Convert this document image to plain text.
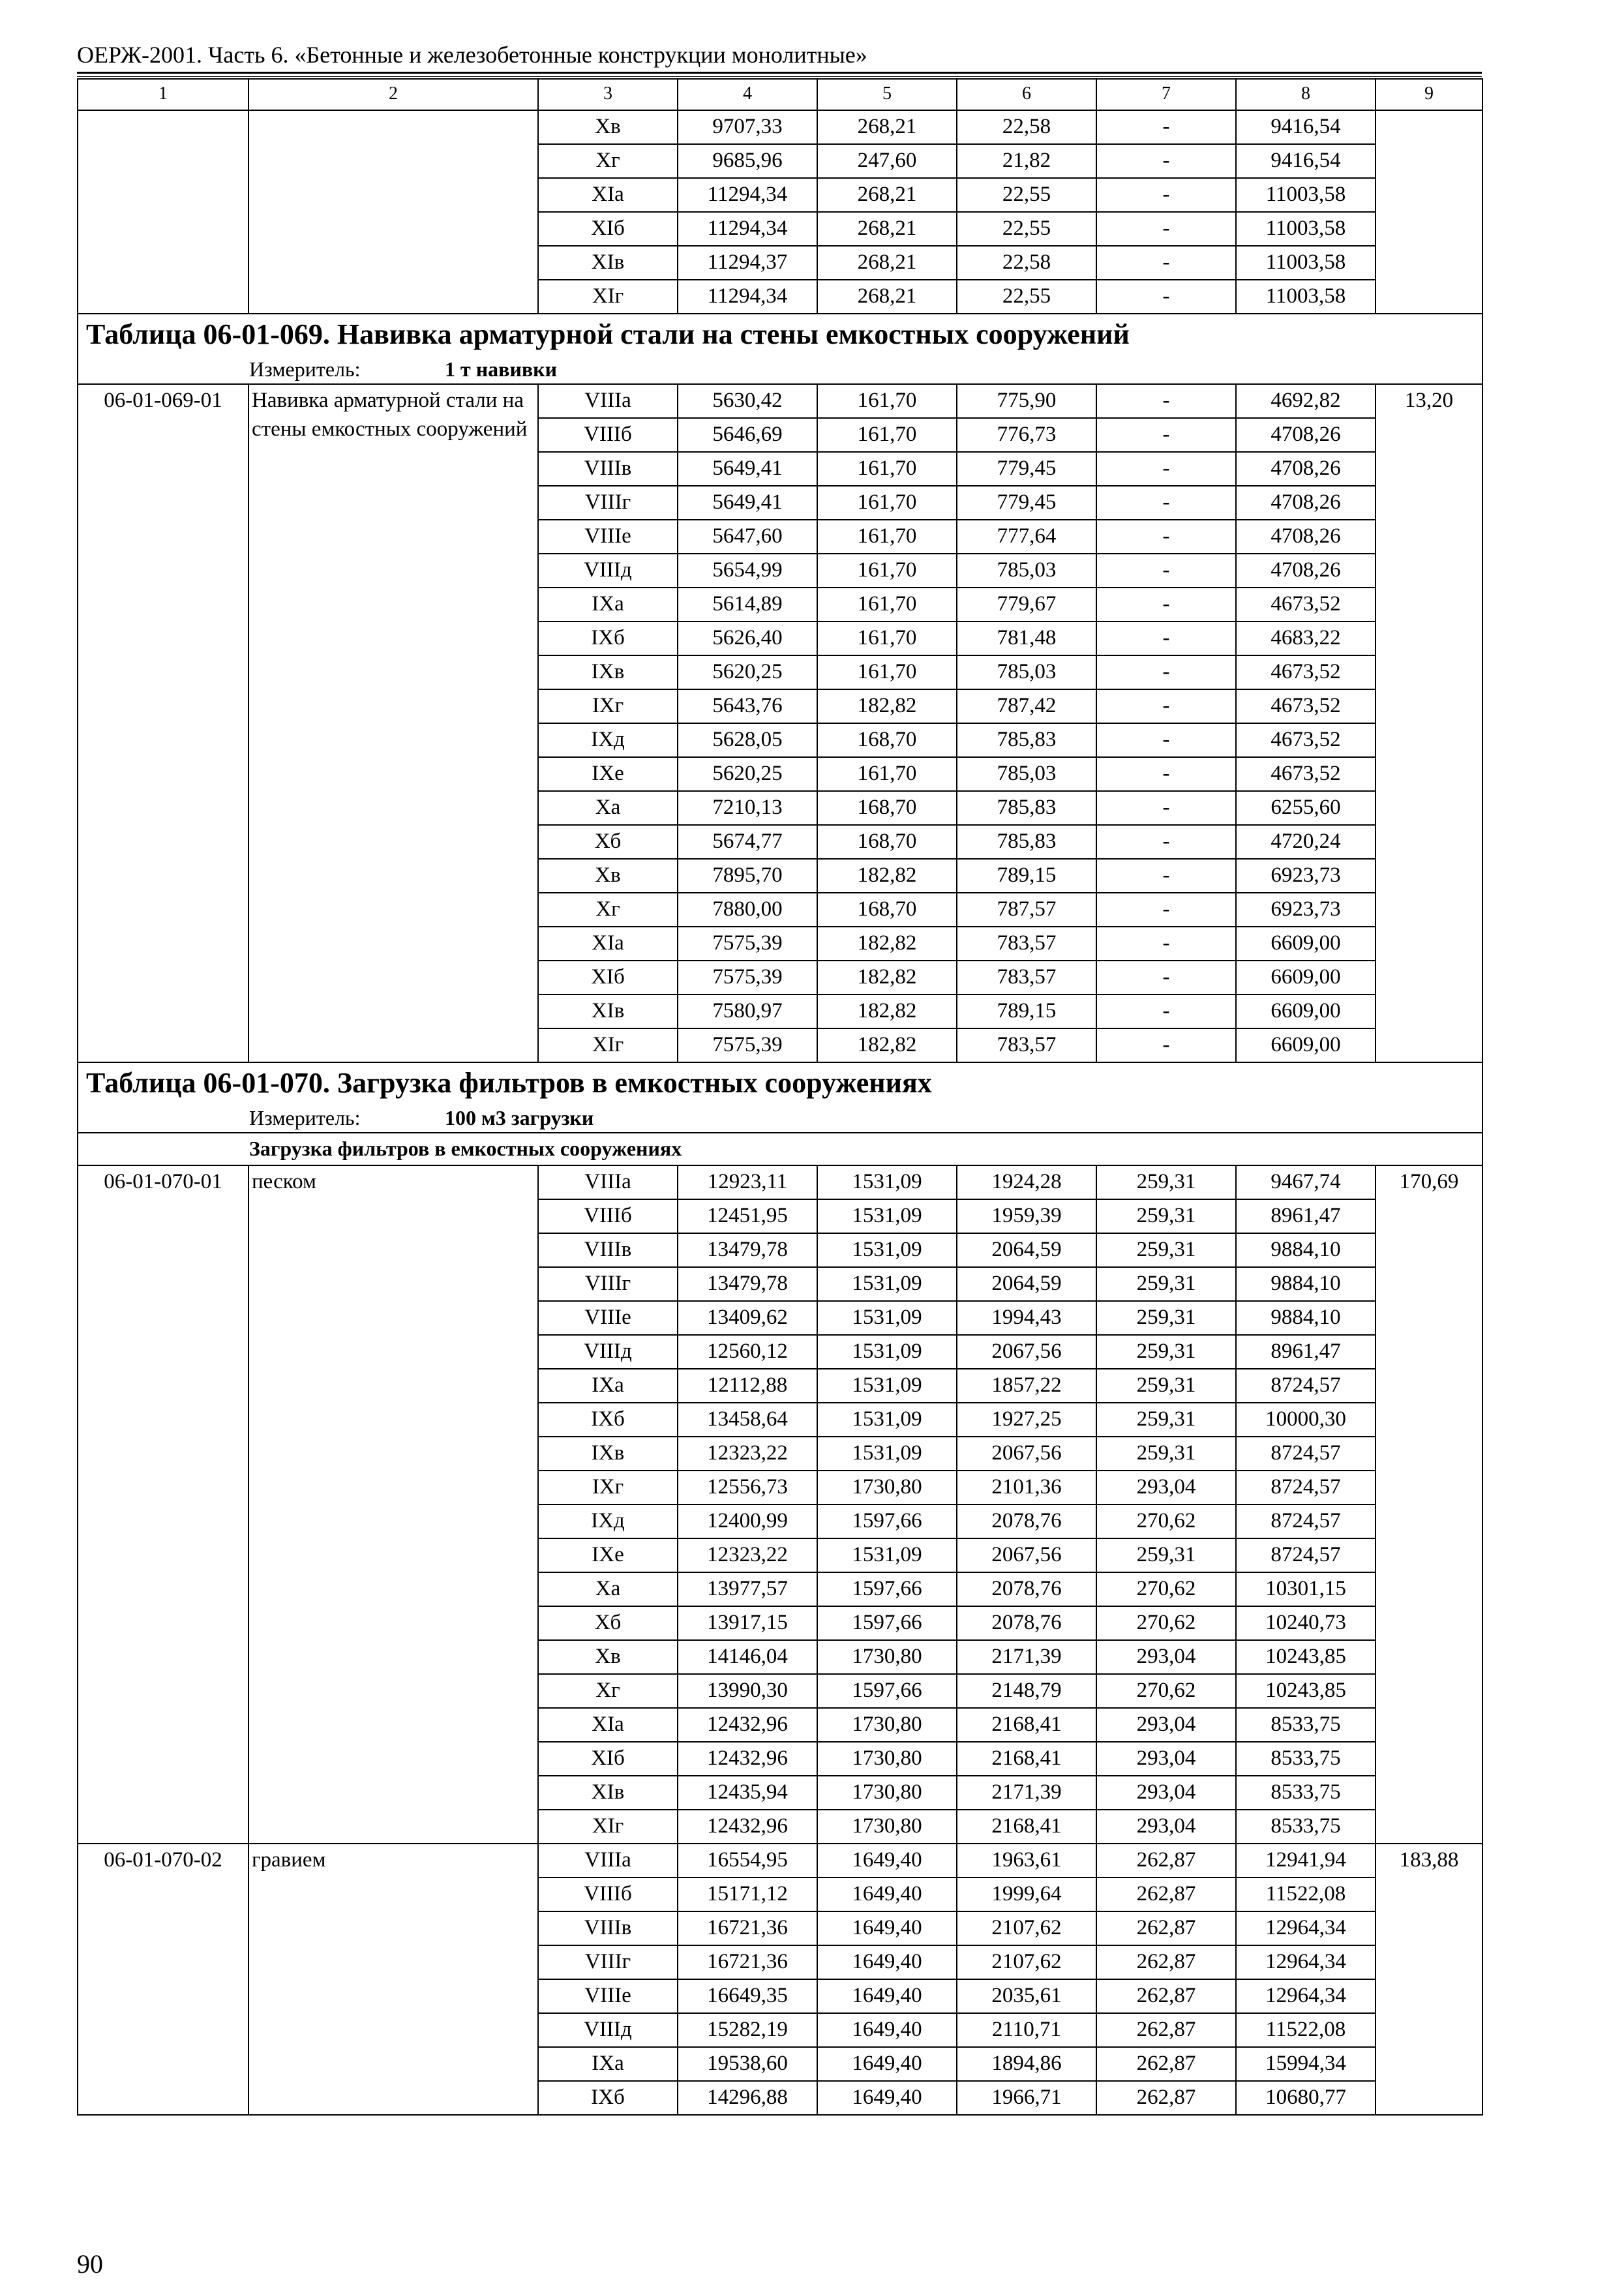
ОЕРЖ-2001. Часть 6. «Бетонные и железобетонные конструкции монолитные»
1	2	3	4	5	6	7	8	9
		Xв	9707,33	268,21	22,58	-	9416,54	
		Xг	9685,96	247,60	21,82	-	9416,54	
		XIа	11294,34	268,21	22,55	-	11003,58	
		XIб	11294,34	268,21	22,55	-	11003,58	
		XIв	11294,37	268,21	22,58	-	11003,58	
		XIг	11294,34	268,21	22,55	-	11003,58	
Таблица 06-01-069. Навивка арматурной стали на стены емкостных сооружений								
Измеритель: 1 т навивки								
06-01-069-01	Навивка арматурной стали на стены емкостных сооружений	VIIIа	5630,42	161,70	775,90	-	4692,82	13,20
		VIIIб	5646,69	161,70	776,73	-	4708,26	
		VIIIв	5649,41	161,70	779,45	-	4708,26	
		VIIIг	5649,41	161,70	779,45	-	4708,26	
		VIIIе	5647,60	161,70	777,64	-	4708,26	
		VIIIд	5654,99	161,70	785,03	-	4708,26	
		IXа	5614,89	161,70	779,67	-	4673,52	
		IXб	5626,40	161,70	781,48	-	4683,22	
		IXв	5620,25	161,70	785,03	-	4673,52	
		IXг	5643,76	182,82	787,42	-	4673,52	
		IXд	5628,05	168,70	785,83	-	4673,52	
		IXе	5620,25	161,70	785,03	-	4673,52	
		Xа	7210,13	168,70	785,83	-	6255,60	
		Xб	5674,77	168,70	785,83	-	4720,24	
		Xв	7895,70	182,82	789,15	-	6923,73	
		Xг	7880,00	168,70	787,57	-	6923,73	
		XIа	7575,39	182,82	783,57	-	6609,00	
		XIб	7575,39	182,82	783,57	-	6609,00	
		XIв	7580,97	182,82	789,15	-	6609,00	
		XIг	7575,39	182,82	783,57	-	6609,00	
Таблица 06-01-070. Загрузка фильтров в емкостных сооружениях								
Измеритель: 100 м3 загрузки								
Загрузка фильтров в емкостных сооружениях								
06-01-070-01	песком	VIIIа	12923,11	1531,09	1924,28	259,31	9467,74	170,69
		VIIIб	12451,95	1531,09	1959,39	259,31	8961,47	
		VIIIв	13479,78	1531,09	2064,59	259,31	9884,10	
		VIIIг	13479,78	1531,09	2064,59	259,31	9884,10	
		VIIIе	13409,62	1531,09	1994,43	259,31	9884,10	
		VIIIд	12560,12	1531,09	2067,56	259,31	8961,47	
		IXа	12112,88	1531,09	1857,22	259,31	8724,57	
		IXб	13458,64	1531,09	1927,25	259,31	10000,30	
		IXв	12323,22	1531,09	2067,56	259,31	8724,57	
		IXг	12556,73	1730,80	2101,36	293,04	8724,57	
		IXд	12400,99	1597,66	2078,76	270,62	8724,57	
		IXе	12323,22	1531,09	2067,56	259,31	8724,57	
		Xа	13977,57	1597,66	2078,76	270,62	10301,15	
		Xб	13917,15	1597,66	2078,76	270,62	10240,73	
		Xв	14146,04	1730,80	2171,39	293,04	10243,85	
		Xг	13990,30	1597,66	2148,79	270,62	10243,85	
		XIа	12432,96	1730,80	2168,41	293,04	8533,75	
		XIб	12432,96	1730,80	2168,41	293,04	8533,75	
		XIв	12435,94	1730,80	2171,39	293,04	8533,75	
		XIг	12432,96	1730,80	2168,41	293,04	8533,75	
06-01-070-02	гравием	VIIIа	16554,95	1649,40	1963,61	262,87	12941,94	183,88
		VIIIб	15171,12	1649,40	1999,64	262,87	11522,08	
		VIIIв	16721,36	1649,40	2107,62	262,87	12964,34	
		VIIIг	16721,36	1649,40	2107,62	262,87	12964,34	
		VIIIе	16649,35	1649,40	2035,61	262,87	12964,34	
		VIIIд	15282,19	1649,40	2110,71	262,87	11522,08	
		IXа	19538,60	1649,40	1894,86	262,87	15994,34	
		IXб	14296,88	1649,40	1966,71	262,87	10680,77	
90
